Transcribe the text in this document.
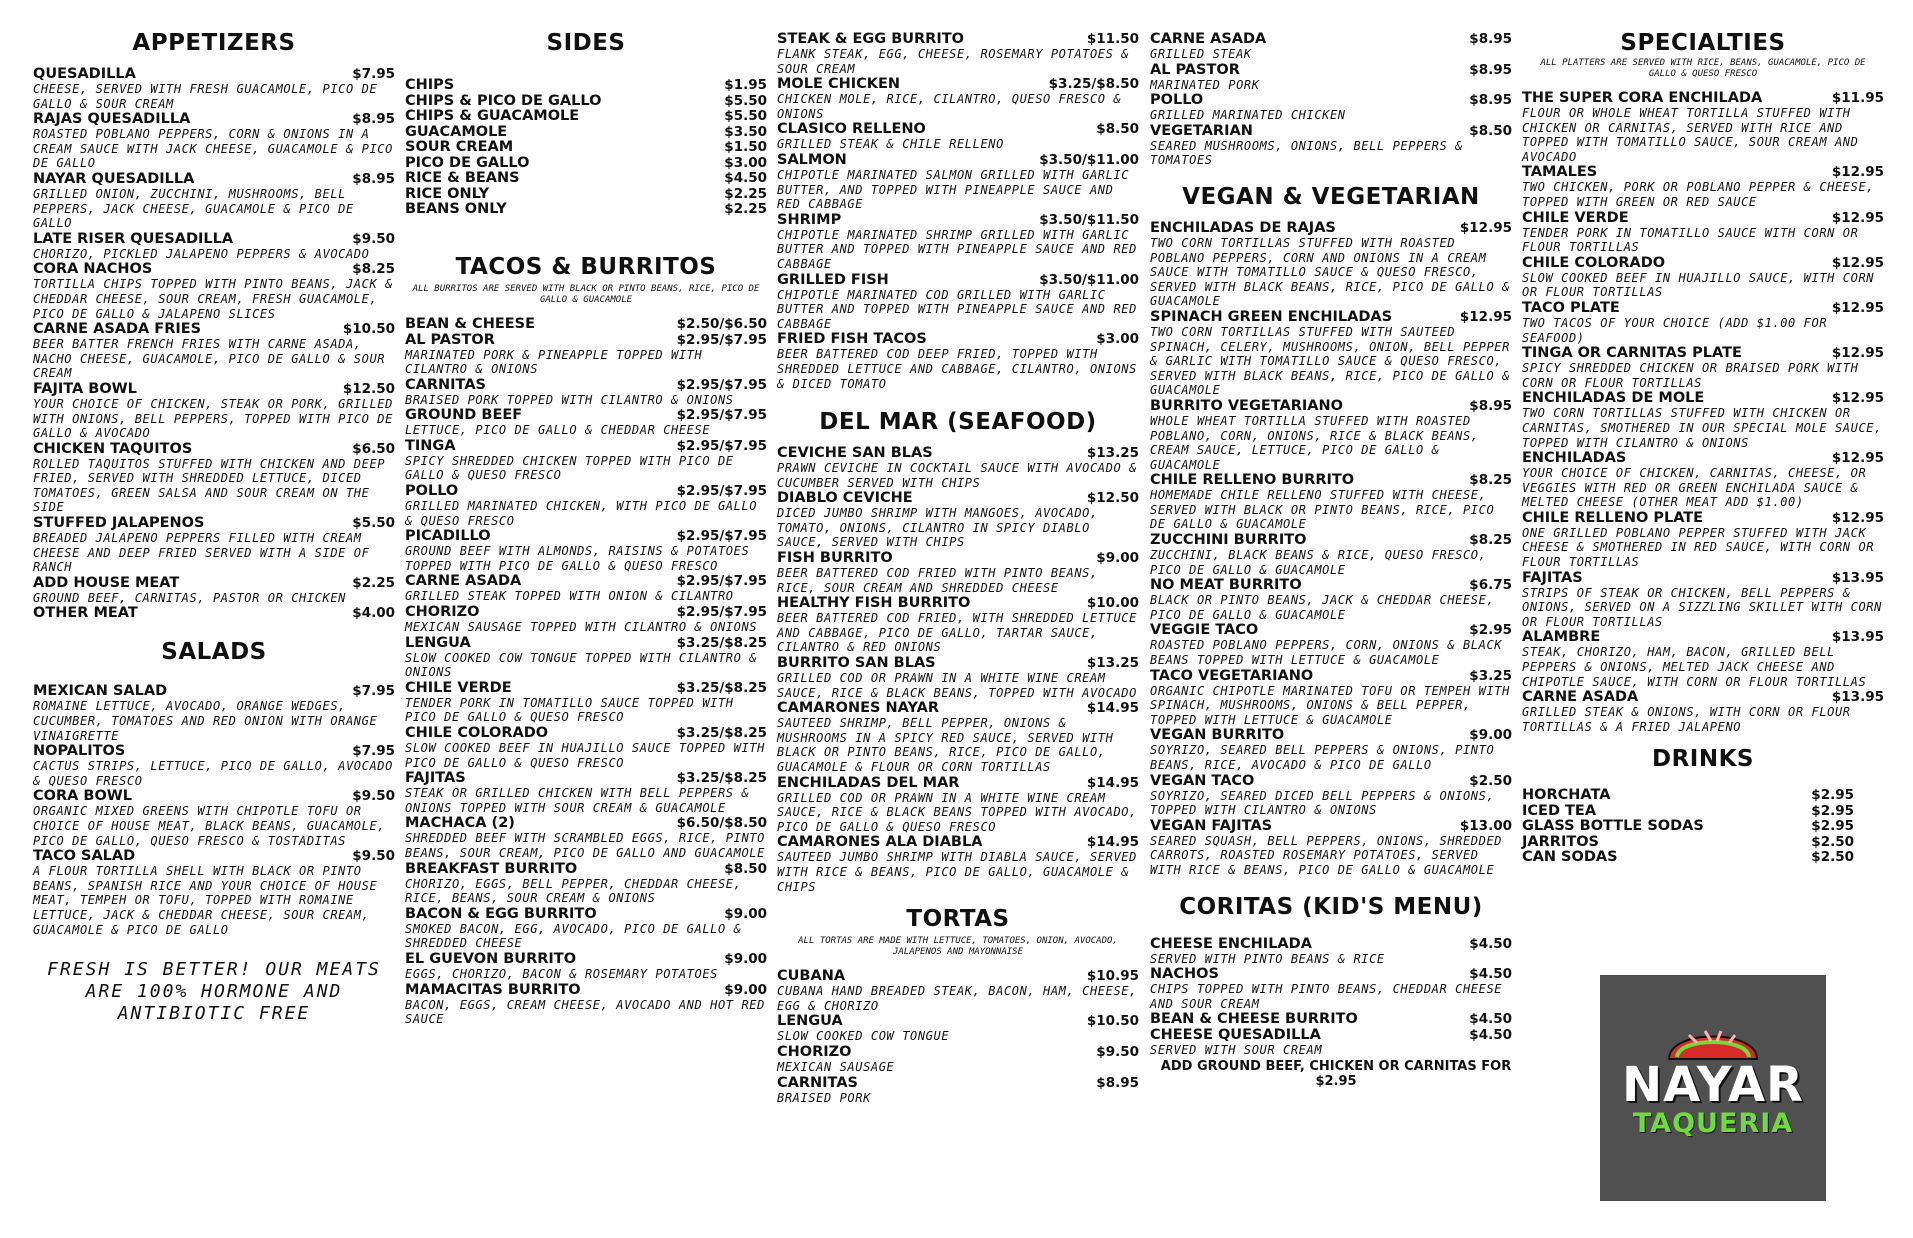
APPETIZERS
QUESADILLA	$7.95
CHEESE, SERVED WITH FRESH GUACAMOLE, PICO DE GALLO & SOUR CREAM
RAJAS QUESADILLA	$8.95
ROASTED POBLANO PEPPERS, CORN & ONIONS IN A CREAM SAUCE WITH JACK CHEESE, GUACAMOLE & PICO DE GALLO
NAYAR QUESADILLA	$8.95
GRILLED ONION, ZUCCHINI, MUSHROOMS, BELL PEPPERS, JACK CHEESE, GUACAMOLE & PICO DE GALLO
LATE RISER QUESADILLA	$9.50
CHORIZO, PICKLED JALAPENO PEPPERS & AVOCADO
CORA NACHOS	$8.25
TORTILLA CHIPS TOPPED WITH PINTO BEANS, JACK & CHEDDAR CHEESE, SOUR CREAM, FRESH GUACAMOLE, PICO DE GALLO & JALAPENO SLICES
CARNE ASADA FRIES	$10.50
BEER BATTER FRENCH FRIES WITH CARNE ASADA, NACHO CHEESE, GUACAMOLE, PICO DE GALLO & SOUR CREAM
FAJITA BOWL	$12.50
YOUR CHOICE OF CHICKEN, STEAK OR PORK, GRILLED WITH ONIONS, BELL PEPPERS, TOPPED WITH PICO DE GALLO & AVOCADO
CHICKEN TAQUITOS	$6.50
ROLLED TAQUITOS STUFFED WITH CHICKEN AND DEEP FRIED, SERVED WITH SHREDDED LETTUCE, DICED TOMATOES, GREEN SALSA AND SOUR CREAM ON THE SIDE
STUFFED JALAPENOS	$5.50
BREADED JALAPENO PEPPERS FILLED WITH CREAM CHEESE AND DEEP FRIED SERVED WITH A SIDE OF RANCH
ADD HOUSE MEAT	$2.25
GROUND BEEF, CARNITAS, PASTOR OR CHICKEN
OTHER MEAT	$4.00
SALADS
MEXICAN SALAD	$7.95
ROMAINE LETTUCE, AVOCADO, ORANGE WEDGES, CUCUMBER, TOMATOES AND RED ONION WITH ORANGE VINAIGRETTE
NOPALITOS	$7.95
CACTUS STRIPS, LETTUCE, PICO DE GALLO, AVOCADO & QUESO FRESCO
CORA BOWL	$9.50
ORGANIC MIXED GREENS WITH CHIPOTLE TOFU OR CHOICE OF HOUSE MEAT, BLACK BEANS, GUACAMOLE, PICO DE GALLO, QUESO FRESCO & TOSTADITAS
TACO SALAD	$9.50
A FLOUR TORTILLA SHELL WITH BLACK OR PINTO BEANS, SPANISH RICE AND YOUR CHOICE OF HOUSE MEAT, TEMPEH OR TOFU, TOPPED WITH ROMAINE LETTUCE, JACK & CHEDDAR CHEESE, SOUR CREAM, GUACAMOLE & PICO DE GALLO
FRESH IS BETTER! OUR MEATS ARE 100% HORMONE AND ANTIBIOTIC FREE
SIDES
CHIPS	$1.95
CHIPS & PICO DE GALLO	$5.50
CHIPS & GUACAMOLE	$5.50
GUACAMOLE	$3.50
SOUR CREAM	$1.50
PICO DE GALLO	$3.00
RICE & BEANS	$4.50
RICE ONLY	$2.25
BEANS ONLY	$2.25
TACOS & BURRITOS
ALL BURRITOS ARE SERVED WITH BLACK OR PINTO BEANS, RICE, PICO DE GALLO & GUACAMOLE
BEAN & CHEESE	$2.50/$6.50
AL PASTOR	$2.95/$7.95
MARINATED PORK & PINEAPPLE TOPPED WITH CILANTRO & ONIONS
CARNITAS	$2.95/$7.95
BRAISED PORK TOPPED WITH CILANTRO & ONIONS
GROUND BEEF	$2.95/$7.95
LETTUCE, PICO DE GALLO & CHEDDAR CHEESE
TINGA	$2.95/$7.95
SPICY SHREDDED CHICKEN TOPPED WITH PICO DE GALLO & QUESO FRESCO
POLLO	$2.95/$7.95
GRILLED MARINATED CHICKEN, WITH PICO DE GALLO & QUESO FRESCO
PICADILLO	$2.95/$7.95
GROUND BEEF WITH ALMONDS, RAISINS & POTATOES TOPPED WITH PICO DE GALLO & QUESO FRESCO
CARNE ASADA	$2.95/$7.95
GRILLED STEAK TOPPED WITH ONION & CILANTRO
CHORIZO	$2.95/$7.95
MEXICAN SAUSAGE TOPPED WITH CILANTRO & ONIONS
LENGUA	$3.25/$8.25
SLOW COOKED COW TONGUE TOPPED WITH CILANTRO & ONIONS
CHILE VERDE	$3.25/$8.25
TENDER PORK IN TOMATILLO SAUCE TOPPED WITH PICO DE GALLO & QUESO FRESCO
CHILE COLORADO	$3.25/$8.25
SLOW COOKED BEEF IN HUAJILLO SAUCE TOPPED WITH PICO DE GALLO & QUESO FRESCO
FAJITAS	$3.25/$8.25
STEAK OR GRILLED CHICKEN WITH BELL PEPPERS & ONIONS TOPPED WITH SOUR CREAM & GUACAMOLE
MACHACA (2)	$6.50/$8.50
SHREDDED BEEF WITH SCRAMBLED EGGS, RICE, PINTO BEANS, SOUR CREAM, PICO DE GALLO AND GUACAMOLE
BREAKFAST BURRITO	$8.50
CHORIZO, EGGS, BELL PEPPER, CHEDDAR CHEESE, RICE, BEANS, SOUR CREAM & ONIONS
BACON & EGG BURRITO	$9.00
SMOKED BACON, EGG, AVOCADO, PICO DE GALLO & SHREDDED CHEESE
EL GUEVON BURRITO	$9.00
EGGS, CHORIZO, BACON & ROSEMARY POTATOES
MAMACITAS BURRITO	$9.00
BACON, EGGS, CREAM CHEESE, AVOCADO AND HOT RED SAUCE
STEAK & EGG BURRITO	$11.50
FLANK STEAK, EGG, CHEESE, ROSEMARY POTATOES & SOUR CREAM
MOLE CHICKEN	$3.25/$8.50
CHICKEN MOLE, RICE, CILANTRO, QUESO FRESCO & ONIONS
CLASICO RELLENO	$8.50
GRILLED STEAK & CHILE RELLENO
SALMON	$3.50/$11.00
CHIPOTLE MARINATED SALMON GRILLED WITH GARLIC BUTTER, AND TOPPED WITH PINEAPPLE SAUCE AND RED CABBAGE
SHRIMP	$3.50/$11.50
CHIPOTLE MARINATED SHRIMP GRILLED WITH GARLIC BUTTER AND TOPPED WITH PINEAPPLE SAUCE AND RED CABBAGE
GRILLED FISH	$3.50/$11.00
CHIPOTLE MARINATED COD GRILLED WITH GARLIC BUTTER AND TOPPED WITH PINEAPPLE SAUCE AND RED CABBAGE
FRIED FISH TACOS	$3.00
BEER BATTERED COD DEEP FRIED, TOPPED WITH SHREDDED LETTUCE AND CABBAGE, CILANTRO, ONIONS & DICED TOMATO
DEL MAR (SEAFOOD)
CEVICHE SAN BLAS	$13.25
PRAWN CEVICHE IN COCKTAIL SAUCE WITH AVOCADO & CUCUMBER SERVED WITH CHIPS
DIABLO CEVICHE	$12.50
DICED JUMBO SHRIMP WITH MANGOES, AVOCADO, TOMATO, ONIONS, CILANTRO IN SPICY DIABLO SAUCE, SERVED WITH CHIPS
FISH BURRITO	$9.00
BEER BATTERED COD FRIED WITH PINTO BEANS, RICE, SOUR CREAM AND SHREDDED CHEESE
HEALTHY FISH BURRITO	$10.00
BEER BATTERED COD FRIED, WITH SHREDDED LETTUCE AND CABBAGE, PICO DE GALLO, TARTAR SAUCE, CILANTRO & RED ONIONS
BURRITO SAN BLAS	$13.25
GRILLED COD OR PRAWN IN A WHITE WINE CREAM SAUCE, RICE & BLACK BEANS, TOPPED WITH AVOCADO
CAMARONES NAYAR	$14.95
SAUTEED SHRIMP, BELL PEPPER, ONIONS & MUSHROOMS IN A SPICY RED SAUCE, SERVED WITH BLACK OR PINTO BEANS, RICE, PICO DE GALLO, GUACAMOLE & FLOUR OR CORN TORTILLAS
ENCHILADAS DEL MAR	$14.95
GRILLED COD OR PRAWN IN A WHITE WINE CREAM SAUCE, RICE & BLACK BEANS TOPPED WITH AVOCADO, PICO DE GALLO & QUESO FRESCO
CAMARONES ALA DIABLA	$14.95
SAUTEED JUMBO SHRIMP WITH DIABLA SAUCE, SERVED WITH RICE & BEANS, PICO DE GALLO, GUACAMOLE & CHIPS
TORTAS
ALL TORTAS ARE MADE WITH LETTUCE, TOMATOES, ONION, AVOCADO, JALAPENOS AND MAYONNAISE
CUBANA	$10.95
CUBANA HAND BREADED STEAK, BACON, HAM, CHEESE, EGG & CHORIZO
LENGUA	$10.50
SLOW COOKED COW TONGUE
CHORIZO	$9.50
MEXICAN SAUSAGE
CARNITAS	$8.95
BRAISED PORK
CARNE ASADA	$8.95
GRILLED STEAK
AL PASTOR	$8.95
MARINATED PORK
POLLO	$8.95
GRILLED MARINATED CHICKEN
VEGETARIAN	$8.50
SEARED MUSHROOMS, ONIONS, BELL PEPPERS & TOMATOES
VEGAN & VEGETARIAN
ENCHILADAS DE RAJAS	$12.95
TWO CORN TORTILLAS STUFFED WITH ROASTED POBLANO PEPPERS, CORN AND ONIONS IN A CREAM SAUCE WITH TOMATILLO SAUCE & QUESO FRESCO, SERVED WITH BLACK BEANS, RICE, PICO DE GALLO & GUACAMOLE
SPINACH GREEN ENCHILADAS	$12.95
TWO CORN TORTILLAS STUFFED WITH SAUTEED SPINACH, CELERY, MUSHROOMS, ONION, BELL PEPPER & GARLIC WITH TOMATILLO SAUCE & QUESO FRESCO, SERVED WITH BLACK BEANS, RICE, PICO DE GALLO & GUACAMOLE
BURRITO VEGETARIANO	$8.95
WHOLE WHEAT TORTILLA STUFFED WITH ROASTED POBLANO, CORN, ONIONS, RICE & BLACK BEANS, CREAM SAUCE, LETTUCE, PICO DE GALLO & GUACAMOLE
CHILE RELLENO BURRITO	$8.25
HOMEMADE CHILE RELLENO STUFFED WITH CHEESE, SERVED WITH BLACK OR PINTO BEANS, RICE, PICO DE GALLO & GUACAMOLE
ZUCCHINI BURRITO	$8.25
ZUCCHINI, BLACK BEANS & RICE, QUESO FRESCO, PICO DE GALLO & GUACAMOLE
NO MEAT BURRITO	$6.75
BLACK OR PINTO BEANS, JACK & CHEDDAR CHEESE, PICO DE GALLO & GUACAMOLE
VEGGIE TACO	$2.95
ROASTED POBLANO PEPPERS, CORN, ONIONS & BLACK BEANS TOPPED WITH LETTUCE & GUACAMOLE
TACO VEGETARIANO	$3.25
ORGANIC CHIPOTLE MARINATED TOFU OR TEMPEH WITH SPINACH, MUSHROOMS, ONIONS & BELL PEPPER, TOPPED WITH LETTUCE & GUACAMOLE
VEGAN BURRITO	$9.00
SOYRIZO, SEARED BELL PEPPERS & ONIONS, PINTO BEANS, RICE, AVOCADO & PICO DE GALLO
VEGAN TACO	$2.50
SOYRIZO, SEARED DICED BELL PEPPERS & ONIONS, TOPPED WITH CILANTRO & ONIONS
VEGAN FAJITAS	$13.00
SEARED SQUASH, BELL PEPPERS, ONIONS, SHREDDED CARROTS, ROASTED ROSEMARY POTATOES, SERVED WITH RICE & BEANS, PICO DE GALLO & GUACAMOLE
CORITAS (KID'S MENU)
CHEESE ENCHILADA	$4.50
SERVED WITH PINTO BEANS & RICE
NACHOS	$4.50
CHIPS TOPPED WITH PINTO BEANS, CHEDDAR CHEESE AND SOUR CREAM
BEAN & CHEESE BURRITO	$4.50
CHEESE QUESADILLA	$4.50
SERVED WITH SOUR CREAM
ADD GROUND BEEF, CHICKEN OR CARNITAS FOR $2.95
SPECIALTIES
ALL PLATTERS ARE SERVED WITH RICE, BEANS, GUACAMOLE, PICO DE GALLO & QUESO FRESCO
THE SUPER CORA ENCHILADA	$11.95
FLOUR OR WHOLE WHEAT TORTILLA STUFFED WITH CHICKEN OR CARNITAS, SERVED WITH RICE AND TOPPED WITH TOMATILLO SAUCE, SOUR CREAM AND AVOCADO
TAMALES	$12.95
TWO CHICKEN, PORK OR POBLANO PEPPER & CHEESE, TOPPED WITH GREEN OR RED SAUCE
CHILE VERDE	$12.95
TENDER PORK IN TOMATILLO SAUCE WITH CORN OR FLOUR TORTILLAS
CHILE COLORADO	$12.95
SLOW COOKED BEEF IN HUAJILLO SAUCE, WITH CORN OR FLOUR TORTILLAS
TACO PLATE	$12.95
TWO TACOS OF YOUR CHOICE (ADD $1.00 FOR SEAFOOD)
TINGA OR CARNITAS PLATE	$12.95
SPICY SHREDDED CHICKEN OR BRAISED PORK WITH CORN OR FLOUR TORTILLAS
ENCHILADAS DE MOLE	$12.95
TWO CORN TORTILLAS STUFFED WITH CHICKEN OR CARNITAS, SMOTHERED IN OUR SPECIAL MOLE SAUCE, TOPPED WITH CILANTRO & ONIONS
ENCHILADAS	$12.95
YOUR CHOICE OF CHICKEN, CARNITAS, CHEESE, OR VEGGIES WITH RED OR GREEN ENCHILADA SAUCE & MELTED CHEESE (OTHER MEAT ADD $1.00)
CHILE RELLENO PLATE	$12.95
ONE GRILLED POBLANO PEPPER STUFFED WITH JACK CHEESE & SMOTHERED IN RED SAUCE, WITH CORN OR FLOUR TORTILLAS
FAJITAS	$13.95
STRIPS OF STEAK OR CHICKEN, BELL PEPPERS & ONIONS, SERVED ON A SIZZLING SKILLET WITH CORN OR FLOUR TORTILLAS
ALAMBRE	$13.95
STEAK, CHORIZO, HAM, BACON, GRILLED BELL PEPPERS & ONIONS, MELTED JACK CHEESE AND CHIPOTLE SAUCE, WITH CORN OR FLOUR TORTILLAS
CARNE ASADA	$13.95
GRILLED STEAK & ONIONS, WITH CORN OR FLOUR TORTILLAS & A FRIED JALAPENO
DRINKS
HORCHATA	$2.95
ICED TEA	$2.95
GLASS BOTTLE SODAS	$2.95
JARRITOS	$2.50
CAN SODAS	$2.50
NAYAR
TAQUERIA
